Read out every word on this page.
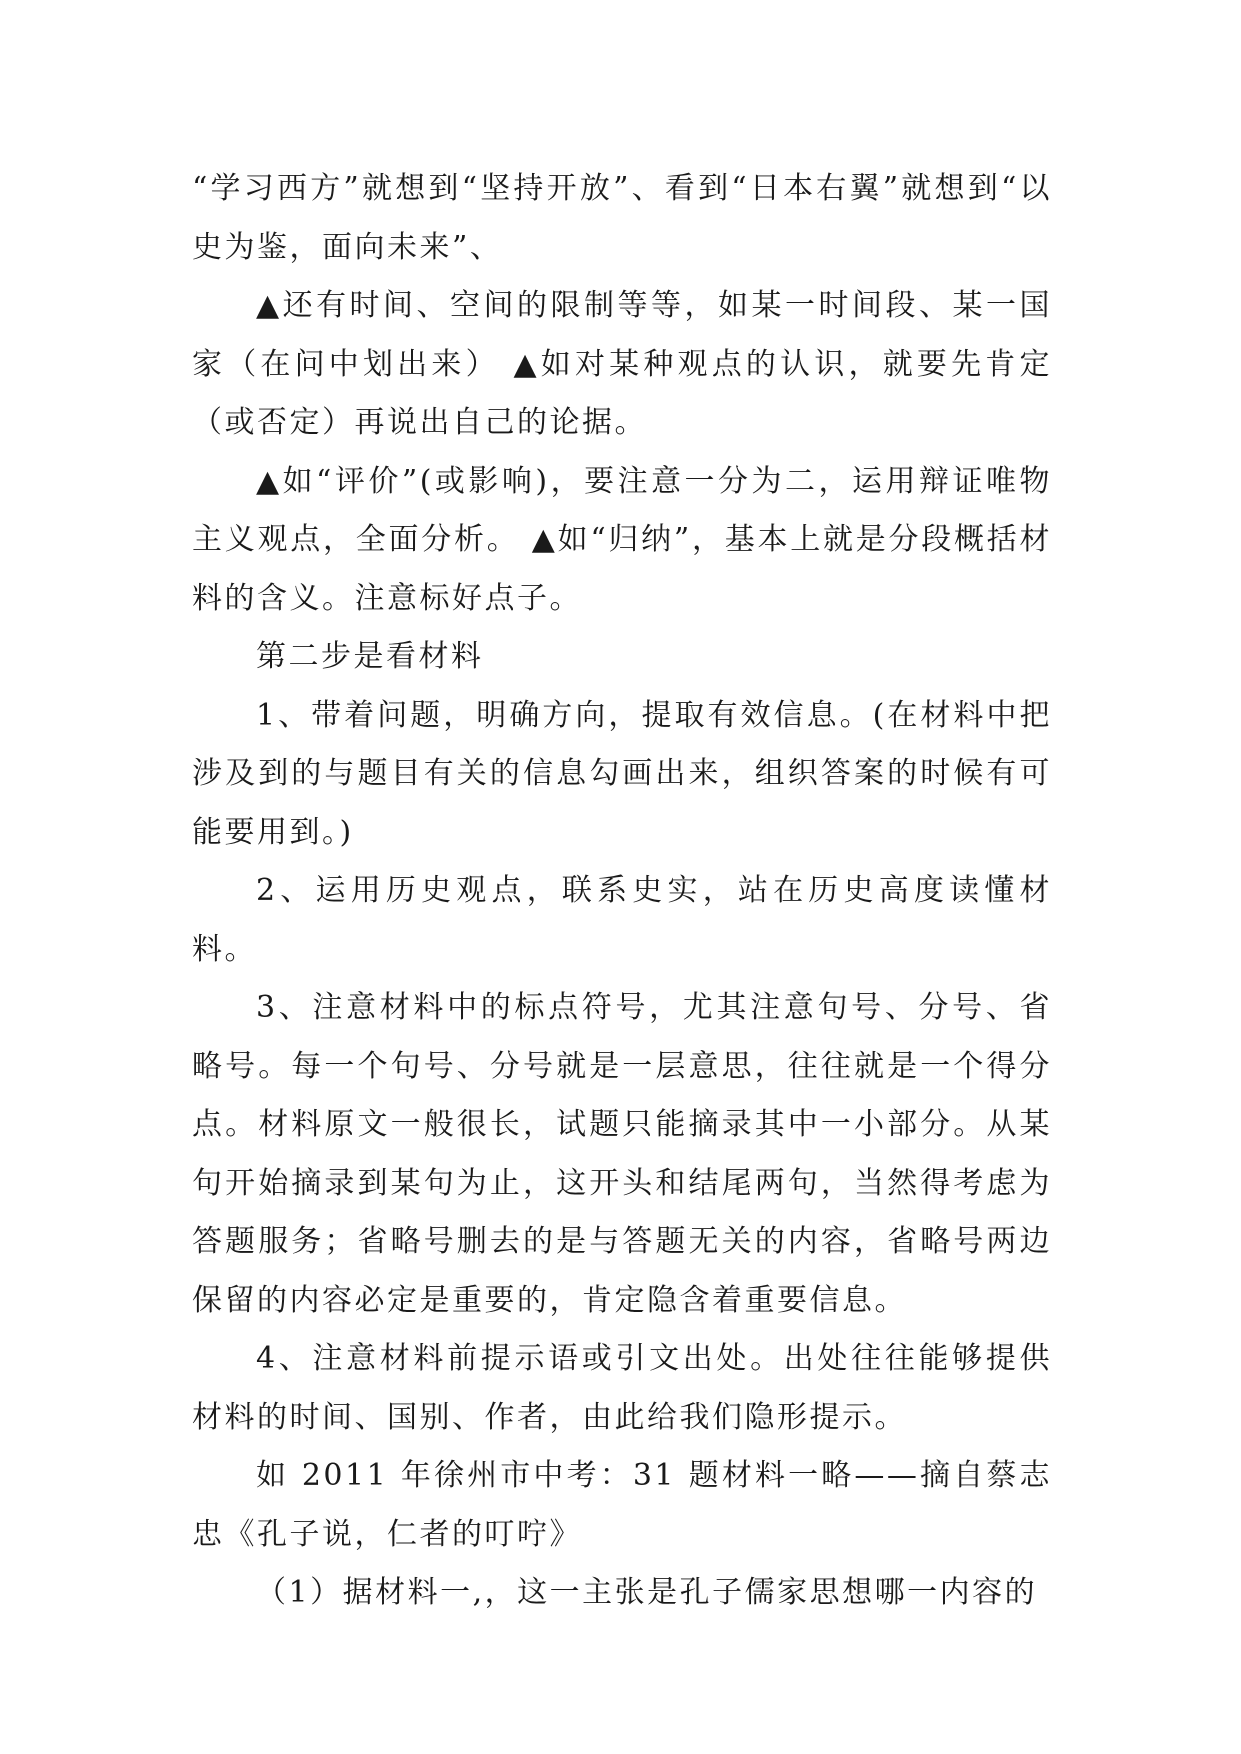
“学习西方”就想到“坚持开放”、看到“日本右翼”就想到“以史为鉴，面向未来”、

▲还有时间、空间的限制等等，如某一时间段、某一国家（在问中划出来） ▲如对某种观点的认识，就要先肯定（或否定）再说出自己的论据。

▲如“评价”(或影响)，要注意一分为二，运用辩证唯物主义观点，全面分析。 ▲如“归纳”，基本上就是分段概括材料的含义。注意标好点子。

第二步是看材料

1、带着问题，明确方向，提取有效信息。(在材料中把涉及到的与题目有关的信息勾画出来，组织答案的时候有可能要用到。)

2、运用历史观点，联系史实，站在历史高度读懂材料。

3、注意材料中的标点符号，尤其注意句号、分号、省略号。每一个句号、分号就是一层意思，往往就是一个得分点。材料原文一般很长，试题只能摘录其中一小部分。从某句开始摘录到某句为止，这开头和结尾两句，当然得考虑为答题服务；省略号删去的是与答题无关的内容，省略号两边保留的内容必定是重要的，肯定隐含着重要信息。

4、注意材料前提示语或引文出处。出处往往能够提供材料的时间、国别、作者，由此给我们隐形提示。

如 2011 年徐州市中考：31 题材料一略——摘自蔡志忠《孔子说，仁者的叮咛》

（1）据材料一,，这一主张是孔子儒家思想哪一内容的
